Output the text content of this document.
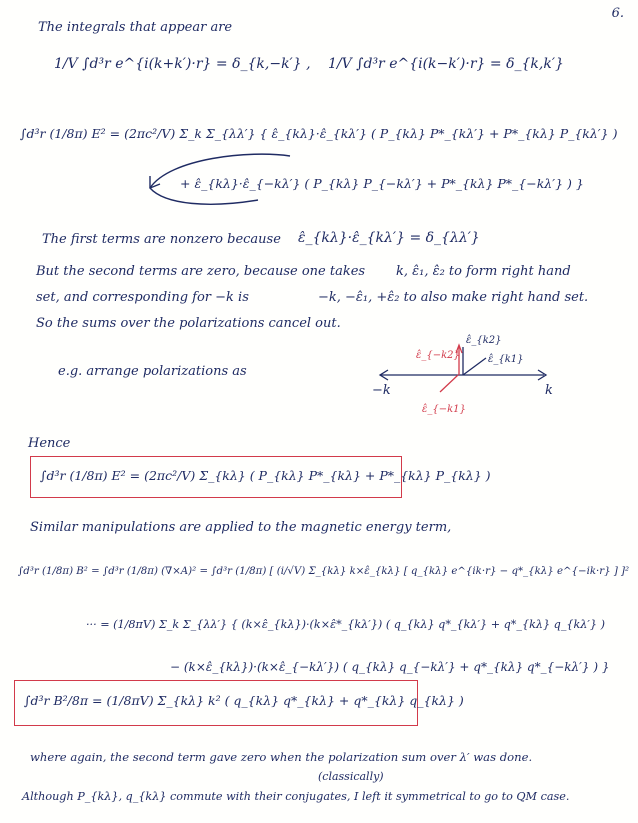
6.
The integrals that appear are
1/V ∫d³r e^{i(k+k′)·r} = δ_{k,−k′} , 1/V ∫d³r e^{i(k−k′)·r} = δ_{k,k′}
∫d³r (1/8π) E² = (2πc²/V) Σ_k Σ_{λλ′} { ε̂_{kλ}·ε̂_{kλ′} ( P_{kλ} P*_{kλ′} + P*_{kλ} P_{kλ′} )
+ ε̂_{kλ}·ε̂_{−kλ′} ( P_{kλ} P_{−kλ′} + P*_{kλ} P*_{−kλ′} ) }
The first terms are nonzero because ε̂_{kλ}·ε̂_{kλ′} = δ_{λλ′}
But the second terms are zero, because one takes k, ε̂₁, ε̂₂ to form right hand
set, and corresponding for −k is	−k, −ε̂₁, +ε̂₂ to also make right hand set.
So the sums over the polarizations cancel out.
e.g. arrange polarizations as
k
−k
ε̂_{k1}
ε̂_{k2}
ε̂_{−k2}
ε̂_{−k1}
Hence
∫d³r (1/8π) E² = (2πc²/V) Σ_{kλ} ( P_{kλ} P*_{kλ} + P*_{kλ} P_{kλ} )
Similar manipulations are applied to the magnetic energy term,
∫d³r (1/8π) B² = ∫d³r (1/8π) (∇×A)² = ∫d³r (1/8π) [ (i/√V) Σ_{kλ} k×ε̂_{kλ} [ q_{kλ} e^{ik·r} − q*_{kλ} e^{−ik·r} ] ]²
··· = (1/8πV) Σ_k Σ_{λλ′} { (k×ε̂_{kλ})·(k×ε̂*_{kλ′}) ( q_{kλ} q*_{kλ′} + q*_{kλ} q_{kλ′} )
− (k×ε̂_{kλ})·(k×ε̂_{−kλ′}) ( q_{kλ} q_{−kλ′} + q*_{kλ} q*_{−kλ′} ) }
∫d³r B²/8π = (1/8πV) Σ_{kλ} k² ( q_{kλ} q*_{kλ} + q*_{kλ} q_{kλ} )
where again, the second term gave zero when the polarization sum over λ′ was done.
(classically)
Although P_{kλ}, q_{kλ} commute with their conjugates, I left it symmetrical to go to QM case.
